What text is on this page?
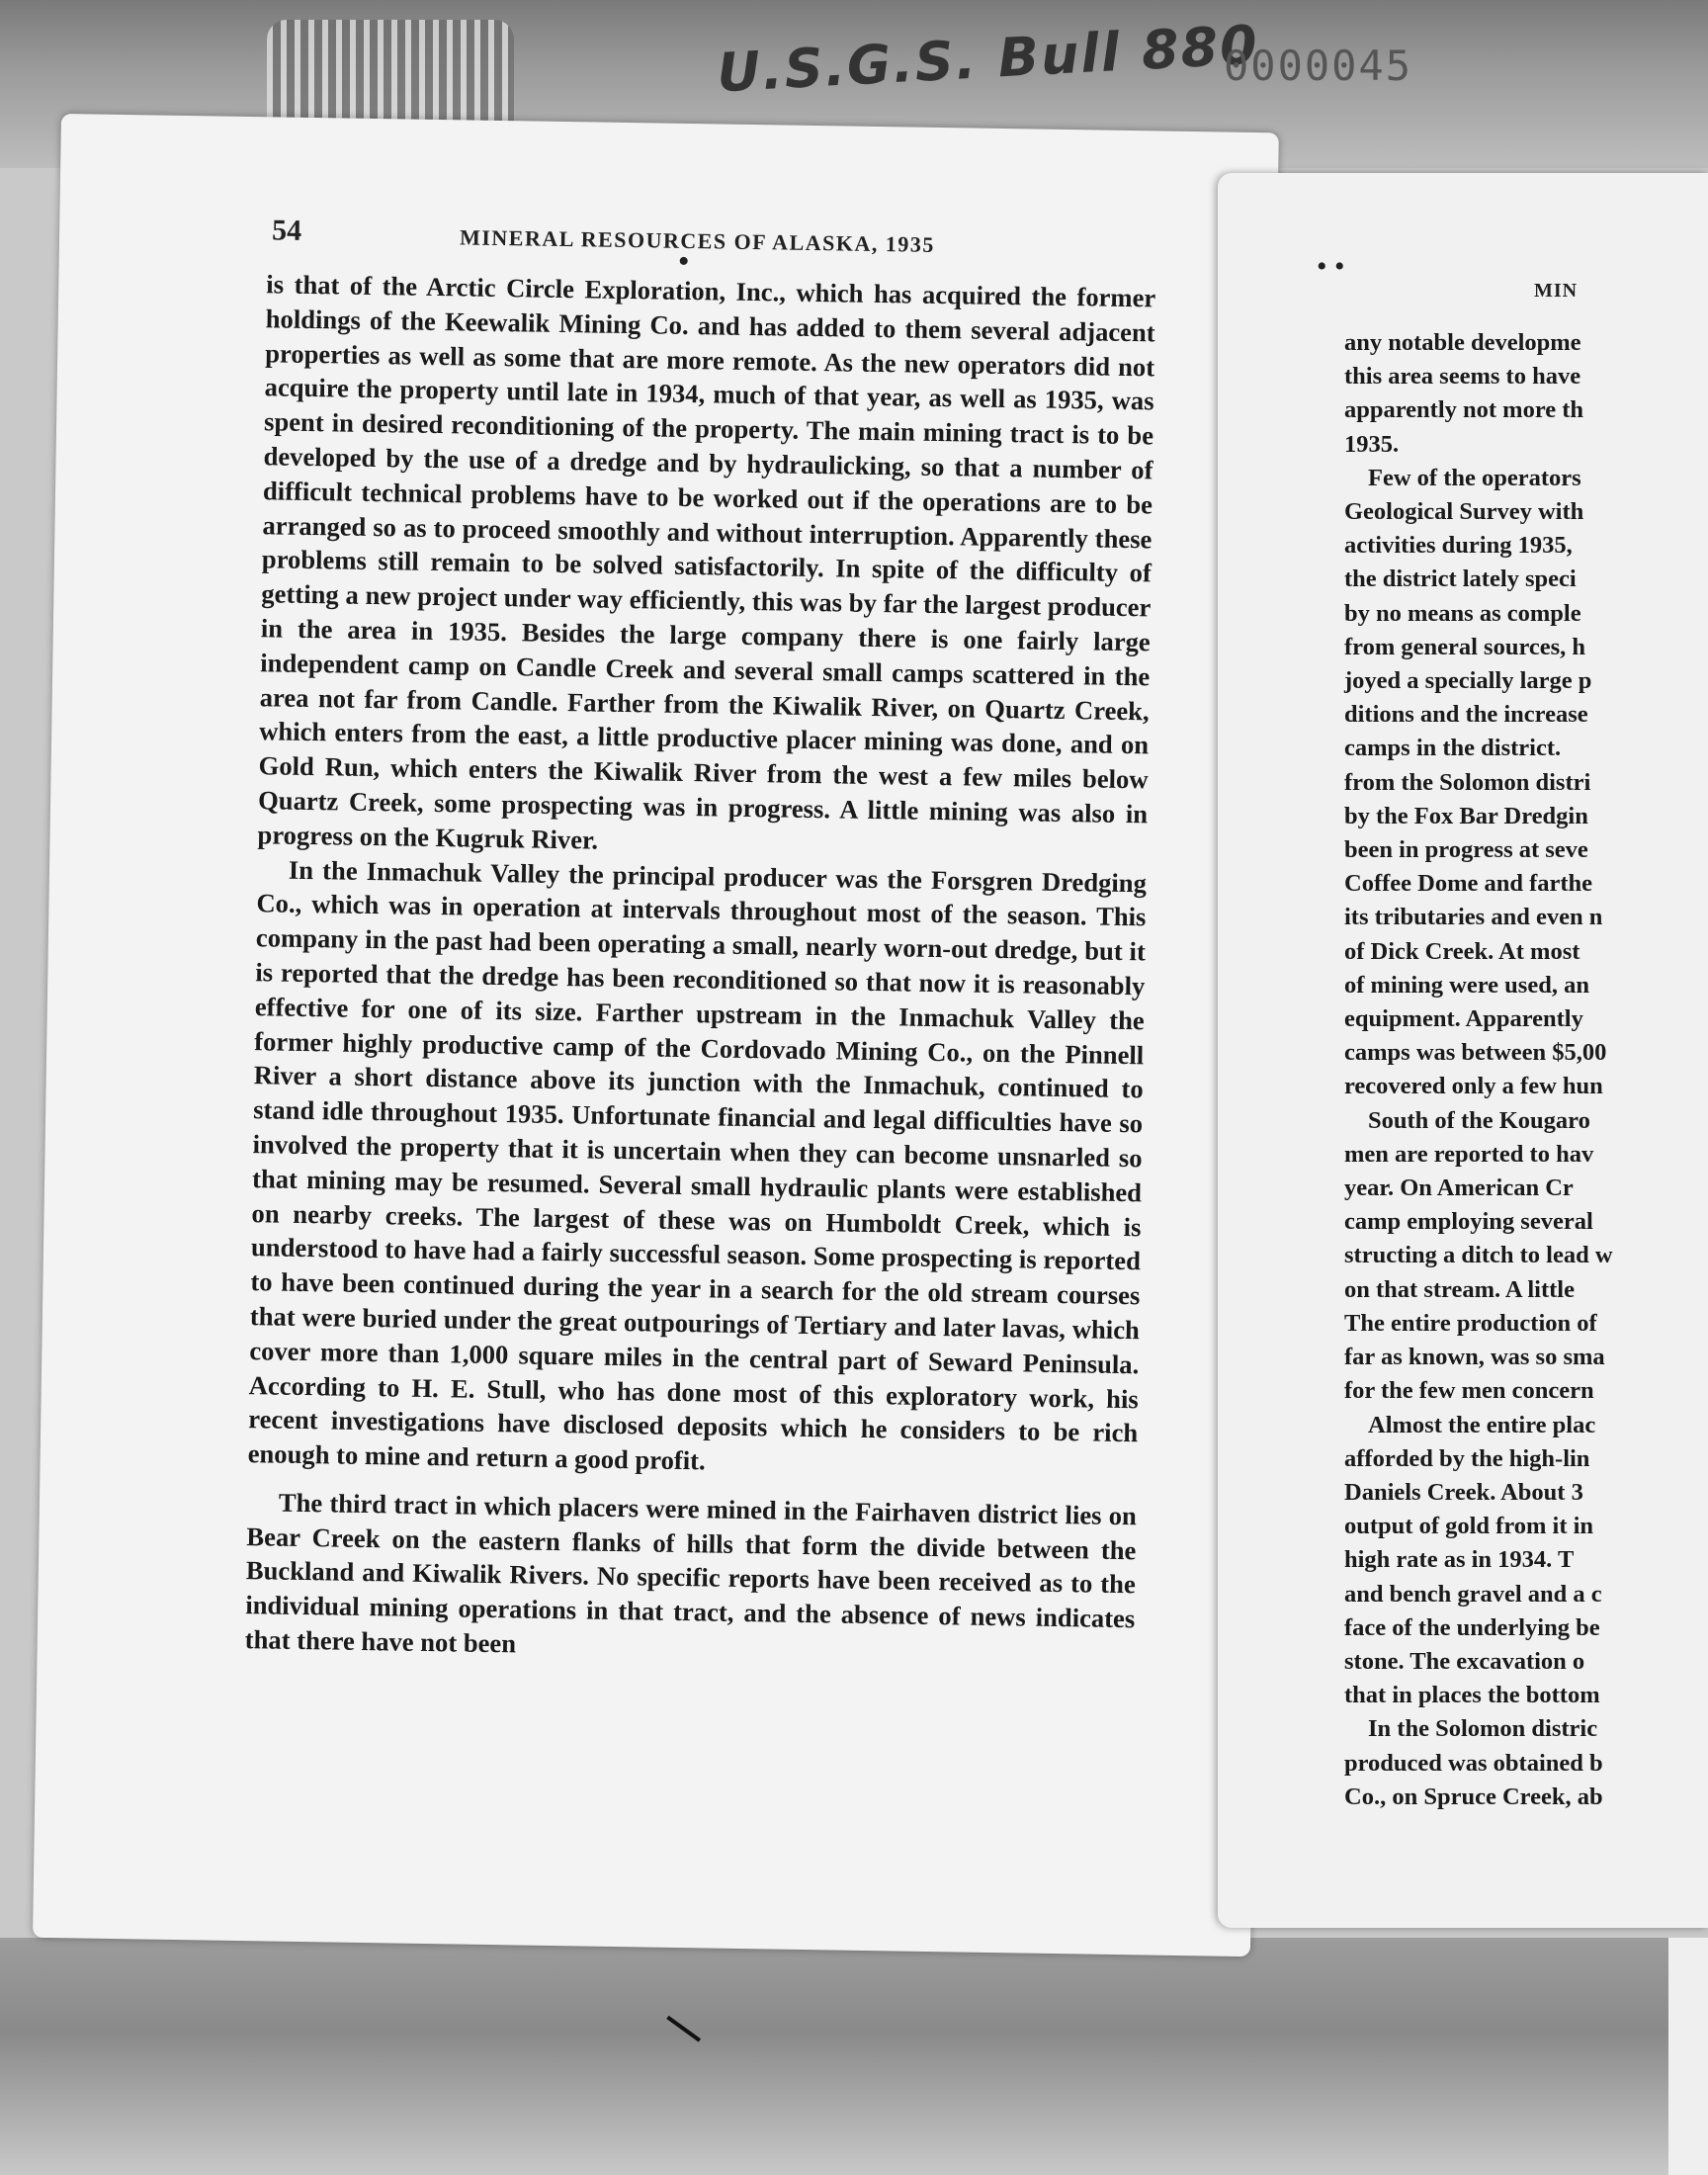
U.S.G.S. Bull 880
0000045
54	MINERAL RESOURCES OF ALASKA, 1935

is that of the Arctic Circle Exploration, Inc., which has acquired the former holdings of the Keewalik Mining Co. and has added to them several adjacent properties as well as some that are more remote. As the new operators did not acquire the property until late in 1934, much of that year, as well as 1935, was spent in desired reconditioning of the property. The main mining tract is to be developed by the use of a dredge and by hydraulicking, so that a number of difficult technical problems have to be worked out if the operations are to be arranged so as to proceed smoothly and without interruption. Apparently these problems still remain to be solved satisfactorily. In spite of the difficulty of getting a new project under way efficiently, this was by far the largest producer in the area in 1935. Besides the large company there is one fairly large independent camp on Candle Creek and several small camps scattered in the area not far from Candle. Farther from the Kiwalik River, on Quartz Creek, which enters from the east, a little productive placer mining was done, and on Gold Run, which enters the Kiwalik River from the west a few miles below Quartz Creek, some prospecting was in progress. A little mining was also in progress on the Kugruk River.

In the Inmachuk Valley the principal producer was the Forsgren Dredging Co., which was in operation at intervals throughout most of the season. This company in the past had been operating a small, nearly worn-out dredge, but it is reported that the dredge has been reconditioned so that now it is reasonably effective for one of its size. Farther upstream in the Inmachuk Valley the former highly productive camp of the Cordovado Mining Co., on the Pinnell River a short distance above its junction with the Inmachuk, continued to stand idle throughout 1935. Unfortunate financial and legal difficulties have so involved the property that it is uncertain when they can become unsnarled so that mining may be resumed. Several small hydraulic plants were established on nearby creeks. The largest of these was on Humboldt Creek, which is understood to have had a fairly successful season. Some prospecting is reported to have been continued during the year in a search for the old stream courses that were buried under the great outpourings of Tertiary and later lavas, which cover more than 1,000 square miles in the central part of Seward Peninsula. According to H. E. Stull, who has done most of this exploratory work, his recent investigations have disclosed deposits which he considers to be rich enough to mine and return a good profit.

The third tract in which placers were mined in the Fairhaven district lies on Bear Creek on the eastern flanks of hills that form the divide between the Buckland and Kiwalik Rivers. No specific reports have been received as to the individual mining operations in that tract, and the absence of news indicates that there have not been

• •
MIN
any notable developme
this area seems to have
apparently not more th
1935.
Few of the operators
Geological Survey with
activities during 1935,
the district lately speci
by no means as comple
from general sources, h
joyed a specially large p
ditions and the increase
camps in the district.
from the Solomon distri
by the Fox Bar Dredgin
been in progress at seve
Coffee Dome and farthe
its tributaries and even n
of Dick Creek. At most
of mining were used, an
equipment. Apparently
camps was between $5,00
recovered only a few hun
South of the Kougaro
men are reported to hav
year. On American Cr
camp employing several
structing a ditch to lead w
on that stream. A little
The entire production of
far as known, was so sma
for the few men concern
Almost the entire plac
afforded by the high-lin
Daniels Creek. About 3
output of gold from it in
high rate as in 1934. T
and bench gravel and a c
face of the underlying be
stone. The excavation o
that in places the bottom
In the Solomon distric
produced was obtained b
Co., on Spruce Creek, ab
